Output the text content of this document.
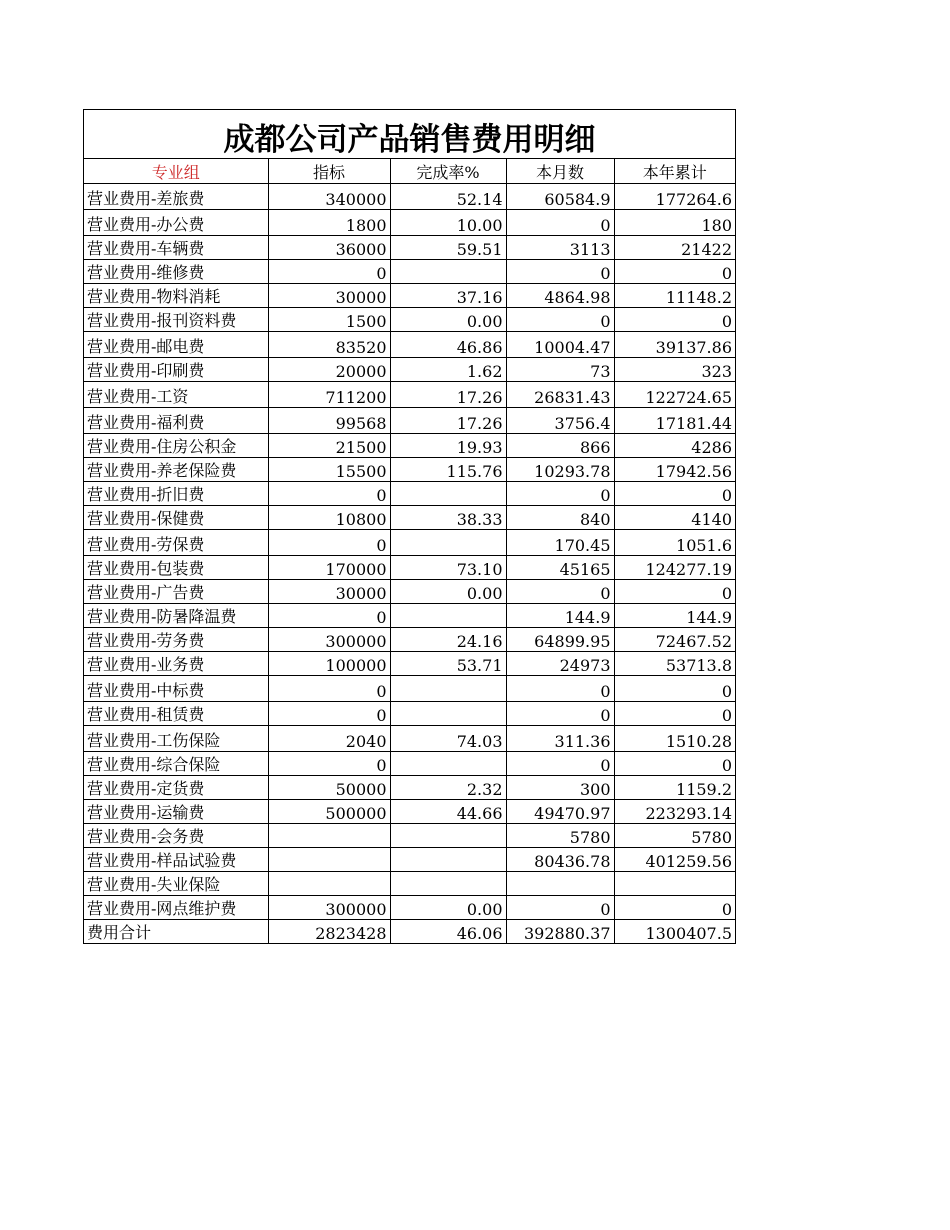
成都公司产品销售费用明细
专业组	指标	完成率%	本月数	本年累计
营业费用-差旅费	340000	52.14	60584.9	177264.6
营业费用-办公费	1800	10.00	0	180
营业费用-车辆费	36000	59.51	3113	21422
营业费用-维修费	0		0	0
营业费用-物料消耗	30000	37.16	4864.98	11148.2
营业费用-报刊资料费	1500	0.00	0	0
营业费用-邮电费	83520	46.86	10004.47	39137.86
营业费用-印刷费	20000	1.62	73	323
营业费用-工资	711200	17.26	26831.43	122724.65
营业费用-福利费	99568	17.26	3756.4	17181.44
营业费用-住房公积金	21500	19.93	866	4286
营业费用-养老保险费	15500	115.76	10293.78	17942.56
营业费用-折旧费	0		0	0
营业费用-保健费	10800	38.33	840	4140
营业费用-劳保费	0		170.45	1051.6
营业费用-包装费	170000	73.10	45165	124277.19
营业费用-广告费	30000	0.00	0	0
营业费用-防暑降温费	0		144.9	144.9
营业费用-劳务费	300000	24.16	64899.95	72467.52
营业费用-业务费	100000	53.71	24973	53713.8
营业费用-中标费	0		0	0
营业费用-租赁费	0		0	0
营业费用-工伤保险	2040	74.03	311.36	1510.28
营业费用-综合保险	0		0	0
营业费用-定货费	50000	2.32	300	1159.2
营业费用-运输费	500000	44.66	49470.97	223293.14
营业费用-会务费			5780	5780
营业费用-样品试验费			80436.78	401259.56
营业费用-失业保险				
营业费用-网点维护费	300000	0.00	0	0
费用合计	2823428	46.06	392880.37	1300407.5
